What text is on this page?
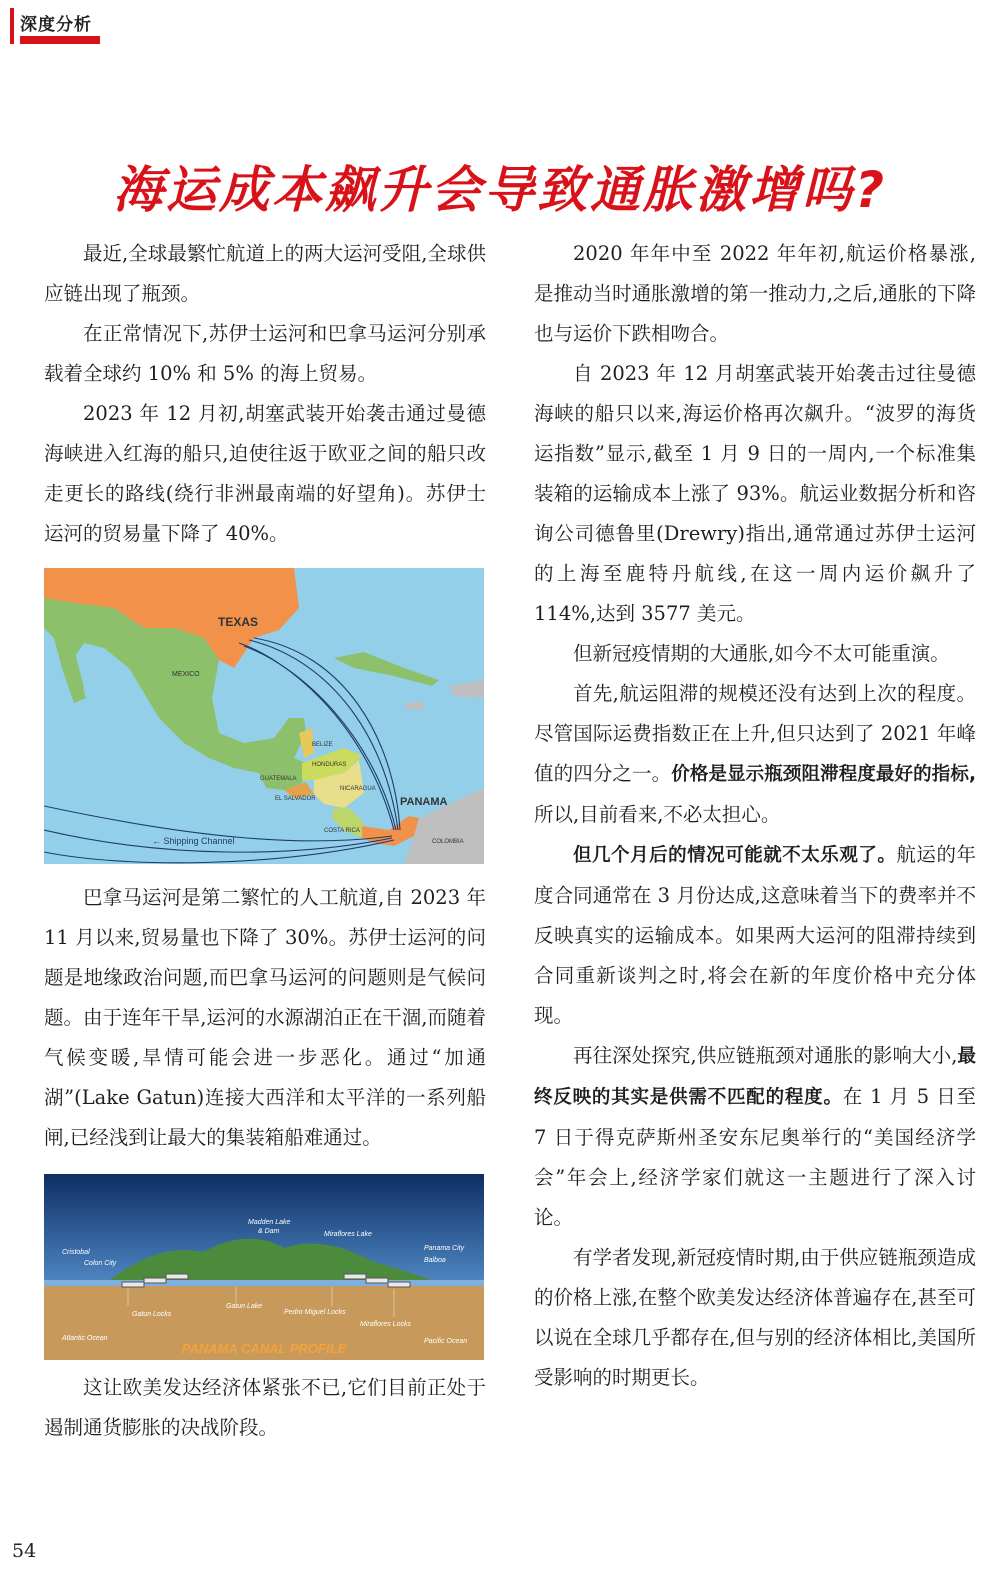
深度分析
海运成本飙升会导致通胀激增吗?

最近,全球最繁忙航道上的两大运河受阻,全球供应链出现了瓶颈。

在正常情况下,苏伊士运河和巴拿马运河分别承载着全球约 10% 和 5% 的海上贸易。

2023 年 12 月初,胡塞武装开始袭击通过曼德海峡进入红海的船只,迫使往返于欧亚之间的船只改走更长的路线(绕行非洲最南端的好望角)。苏伊士运河的贸易量下降了 40%。

TEXAS
MEXICO
BELIZE
HONDURAS
GUATEMALA
EL SALVADOR
NICARAGUA
COSTA RICA
PANAMA
COLOMBIA
← Shipping Channel

巴拿马运河是第二繁忙的人工航道,自 2023 年 11 月以来,贸易量也下降了 30%。苏伊士运河的问题是地缘政治问题,而巴拿马运河的问题则是气候问题。由于连年干旱,运河的水源湖泊正在干涸,而随着气候变暖,旱情可能会进一步恶化。通过“加通湖”(Lake Gatun)连接大西洋和太平洋的一系列船闸,已经浅到让最大的集装箱船难通过。

Madden Lake
& Dam	Miraflores Lake
Cristobal
Colon City
Panama City
Balboa
Gatun Locks
Gatun Lake
Pedro Miguel Locks
Miraflores Locks
Atlantic Ocean	Pacific Ocean
PANAMA CANAL PROFILE

这让欧美发达经济体紧张不已,它们目前正处于遏制通货膨胀的决战阶段。

2020 年年中至 2022 年年初,航运价格暴涨,是推动当时通胀激增的第一推动力,之后,通胀的下降也与运价下跌相吻合。

自 2023 年 12 月胡塞武装开始袭击过往曼德海峡的船只以来,海运价格再次飙升。“波罗的海货运指数”显示,截至 1 月 9 日的一周内,一个标准集装箱的运输成本上涨了 93%。航运业数据分析和咨询公司德鲁里(Drewry)指出,通常通过苏伊士运河的上海至鹿特丹航线,在这一周内运价飙升了 114%,达到 3577 美元。

但新冠疫情期的大通胀,如今不太可能重演。

首先,航运阻滞的规模还没有达到上次的程度。尽管国际运费指数正在上升,但只达到了 2021 年峰值的四分之一。价格是显示瓶颈阻滞程度最好的指标,所以,目前看来,不必太担心。

但几个月后的情况可能就不太乐观了。航运的年度合同通常在 3 月份达成,这意味着当下的费率并不反映真实的运输成本。如果两大运河的阻滞持续到合同重新谈判之时,将会在新的年度价格中充分体现。

再往深处探究,供应链瓶颈对通胀的影响大小,最终反映的其实是供需不匹配的程度。在 1 月 5 日至 7 日于得克萨斯州圣安东尼奥举行的“美国经济学会”年会上,经济学家们就这一主题进行了深入讨论。

有学者发现,新冠疫情时期,由于供应链瓶颈造成的价格上涨,在整个欧美发达经济体普遍存在,甚至可以说在全球几乎都存在,但与别的经济体相比,美国所受影响的时期更长。

54
